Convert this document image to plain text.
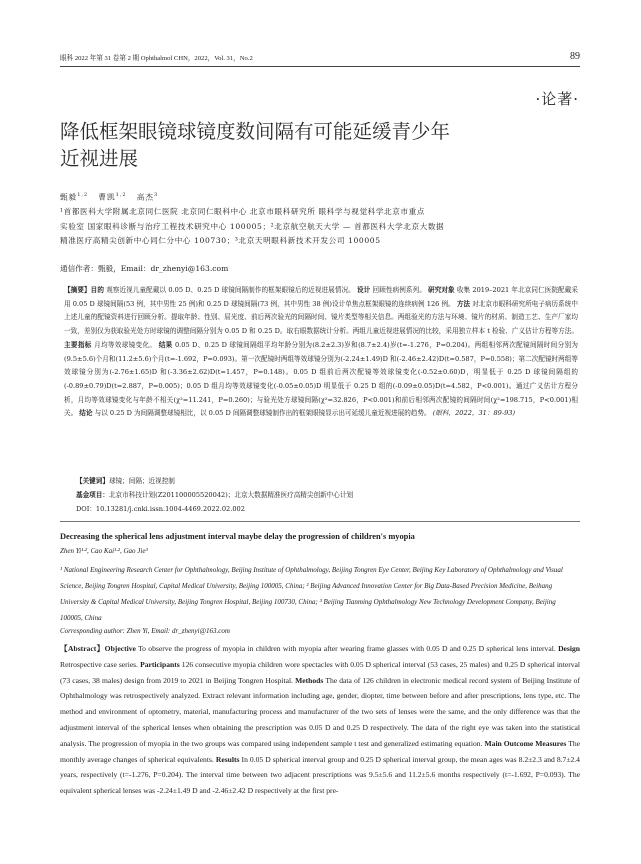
眼科 2022 年第 31 卷第 2 期 Ophthalmol CHN，2022，Vol. 31，No.2	89
·论著·
降低框架眼镜球镜度数间隔有可能延缓青少年
近视进展
甄毅$^{1,2}$ 曹凯$^{1,2}$ 高杰$^3$
¹首都医科大学附属北京同仁医院 北京同仁眼科中心 北京市眼科研究所 眼科学与视觉科学北京市重点
实验室 国家眼科诊断与治疗工程技术研究中心 100005；²北京航空航天大学 — 首都医科大学北京大数据
精准医疗高精尖创新中心同仁分中心 100730；³北京天明眼科新技术开发公司 100005
通信作者：甄毅，Email：dr_zhenyi@163.com
【摘要】目的 观察近视儿童配戴以 0.05 D、0.25 D 球镜间隔制作的框架眼镜后的近视进展情况。 设计 回顾性病例系列。 研究对象 收集 2019–2021 年北京同仁医院配戴采用 0.05 D 球镜间隔(53 例，其中男性 25 例)和 0.25 D 球镜间隔(73 例，其中男性 38 例)设计单焦点框架眼镜的连续病例 126 例。 方法 对北京市眼科研究所电子病历系统中上述儿童的配镜资料进行回顾分析。提取年龄、性别、屈光度、前后两次验光的间隔时间、镜片类型等相关信息。两组验光的方法与环境、镜片的材质、制造工艺、生产厂家均一致，差别仅为获取验光处方时球镜的调整间隔分别为 0.05 D 和 0.25 D。取右眼数据统计分析。两组儿童近视进展情况的比较，采用独立样本 t 检验、广义估计方程等方法。 主要指标 月均等效球镜变化。 结果 0.05 D、0.25 D 球镜间隔组平均年龄分别为(8.2±2.3)岁和(8.7±2.4)岁(t=-1.276，P=0.204)。两组相邻两次配镜间隔时间分别为(9.5±5.6)个月和(11.2±5.6)个月(t=-1.692，P=0.093)。第一次配镜时两组等效球镜分别为(-2.24±1.49)D 和(-2.46±2.42)D(t=0.587，P=0.558)；第二次配镜时两组等效球镜分别为(-2.76±1.65)D 和(-3.36±2.62)D(t=1.457，P=0.148)。0.05 D 组前后两次配镜等效球镜变化(-0.52±0.60)D，明显低于 0.25 D 球镜间隔组的(-0.89±0.79)D(t=2.887，P=0.005)；0.05 D 组月均等效球镜变化(-0.05±0.05)D 明显低于 0.25 D 组的(-0.09±0.05)D(t=4.582，P<0.001)。通过广义估计方程分析，月均等效球镜变化与年龄不相关(χ²=11.241，P=0.260)；与验光处方球镜间隔(χ²=32.826，P<0.001)和前后相邻两次配镜的间隔时间(χ²=198.715，P<0.001)相关。 结论 与以 0.25 D 为间隔调整球镜相比，以 0.05 D 间隔调整球镜制作出的框架眼镜显示出可延缓儿童近视进展的趋势。 (眼科，2022，31：89-93)
【关键词】球镜；间隔；近视控制
基金项目：北京市科技计划(Z201100005520042)；北京大数据精准医疗高精尖创新中心计划
DOI：10.13281/j.cnki.issn.1004-4469.2022.02.002
Decreasing the spherical lens adjustment interval maybe delay the progression of children's myopia
Zhen Yi¹·², Cao Kai¹·², Gao Jie³
¹ National Engineering Research Center for Ophthalmology, Beijing Institute of Ophthalmology, Beijing Tongren Eye Center, Beijing Key Laboratory of Ophthalmology and Visual Science, Beijing Tongren Hospital, Capital Medical University, Beijing 100005, China; ² Beijing Advanced Innovation Center for Big Data-Based Precision Medicine, Beihang University & Capital Medical University, Beijing Tongren Hospital, Beijing 100730, China; ³ Beijing Tianming Ophthalmology New Technology Development Company, Beijing 100005, China
Corresponding author: Zhen Yi, Email: dr_zhenyi@163.com
【Abstract】Objective To observe the progress of myopia in children with myopia after wearing frame glasses with 0.05 D and 0.25 D spherical lens interval. Design Retrospective case series. Participants 126 consecutive myopia children wore spectacles with 0.05 D spherical interval (53 cases, 25 males) and 0.25 D spherical interval (73 cases, 38 males) design from 2019 to 2021 in Beijing Tongren Hospital. Methods The data of 126 children in electronic medical record system of Beijing Institute of Ophthalmology was retrospectively analyzed. Extract relevant information including age, gender, diopter, time between before and after prescriptions, lens type, etc. The method and environment of optometry, material, manufacturing process and manufacturer of the two sets of lenses were the same, and the only difference was that the adjustment interval of the spherical lenses when obtaining the prescription was 0.05 D and 0.25 D respectively. The data of the right eye was taken into the statistical analysis. The progression of myopia in the two groups was compared using independent sample t test and generalized estimating equation. Main Outcome Measures The monthly average changes of spherical equivalents. Results In 0.05 D spherical interval group and 0.25 D spherical interval group, the mean ages was 8.2±2.3 and 8.7±2.4 years, respectively (t=-1.276, P=0.204). The interval time between two adjacent prescriptions was 9.5±5.6 and 11.2±5.6 months respectively (t=-1.692, P=0.093). The equivalent spherical lenses was -2.24±1.49 D and -2.46±2.42 D respectively at the first pre-
